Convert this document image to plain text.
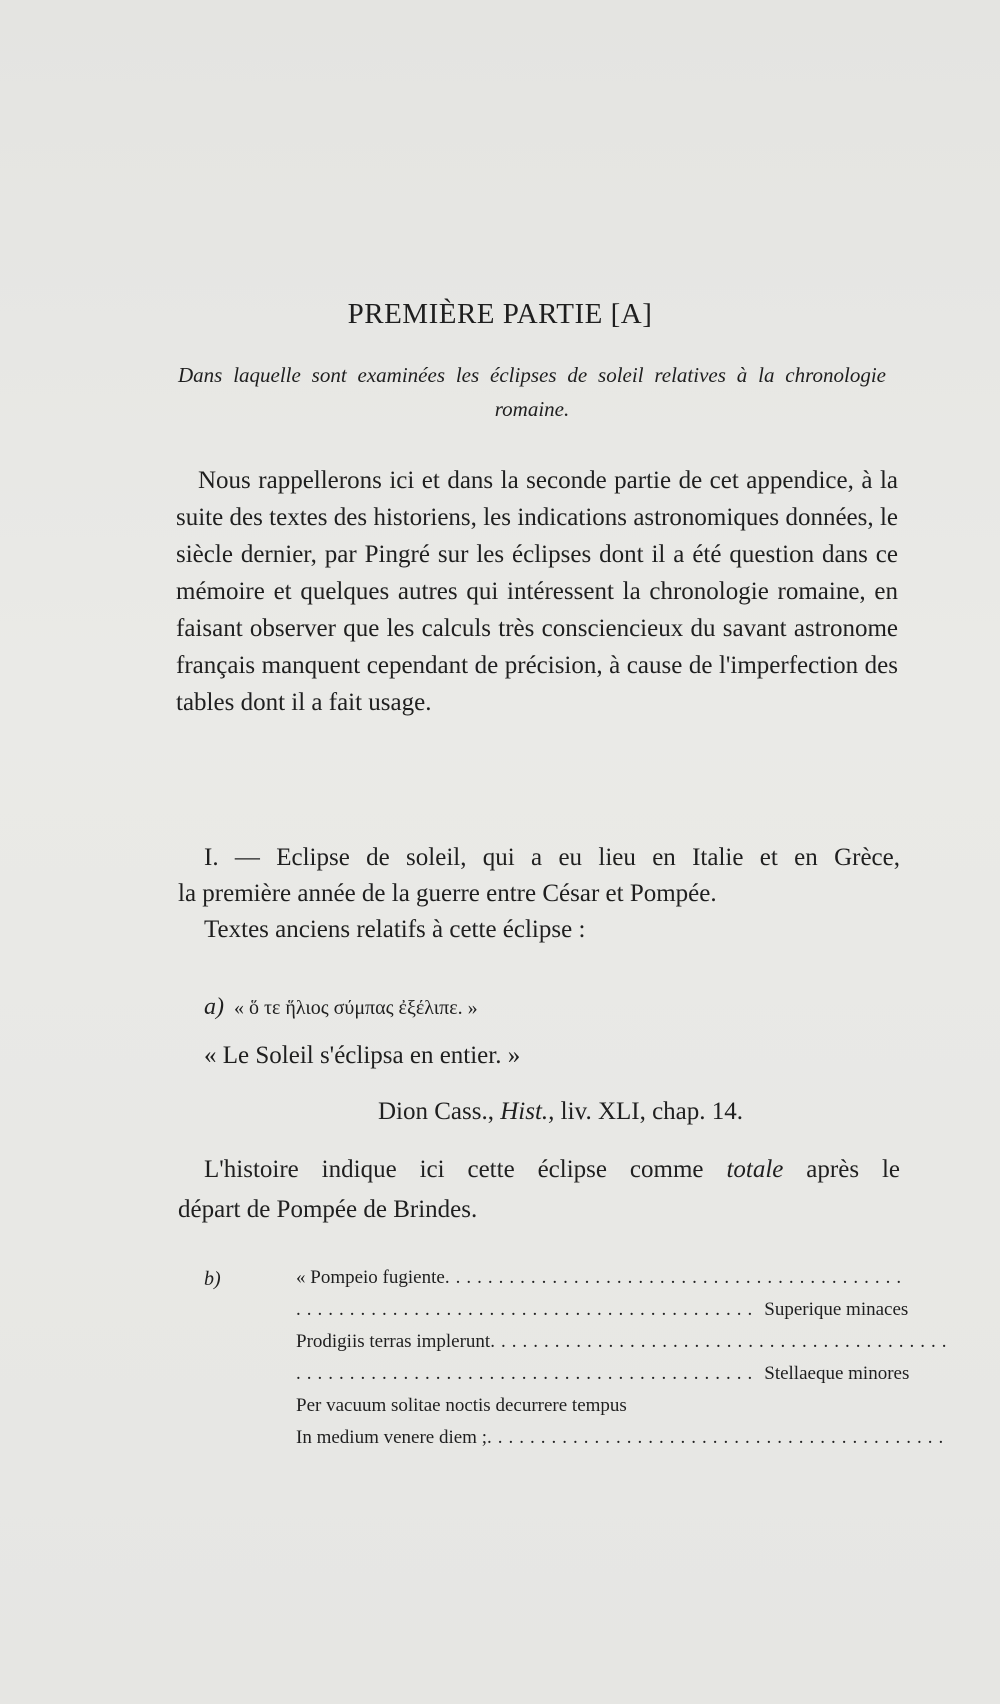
PREMIÈRE PARTIE [A]
Dans laquelle sont examinées les éclipses de soleil relatives à la chronologie romaine.
Nous rappellerons ici et dans la seconde partie de cet appendice, à la suite des textes des historiens, les indications astronomiques données, le siècle dernier, par Pingré sur les éclipses dont il a été question dans ce mémoire et quelques autres qui intéressent la chronologie romaine, en faisant observer que les calculs très consciencieux du savant astronome français manquent cependant de précision, à cause de l'imperfection des tables dont il a fait usage.
I. — Eclipse de soleil, qui a eu lieu en Italie et en Grèce,
la première année de la guerre entre César et Pompée.
Textes anciens relatifs à cette éclipse :
a) « ὅ τε ἥλιος σύμπας ἐξέλιπε. »
« Le Soleil s'éclipsa en entier. »
Dion Cass., Hist., liv. XLI, chap. 14.
L'histoire indique ici cette éclipse comme totale après le
départ de Pompée de Brindes.
b)	« Pompeio fugiente ...........................................
........................................... Superique minaces
Prodigiis terras implerunt ...........................................
........................................... Stellaeque minores
Per vacuum solitae noctis decurrere tempus
In medium venere diem ; ...........................................
